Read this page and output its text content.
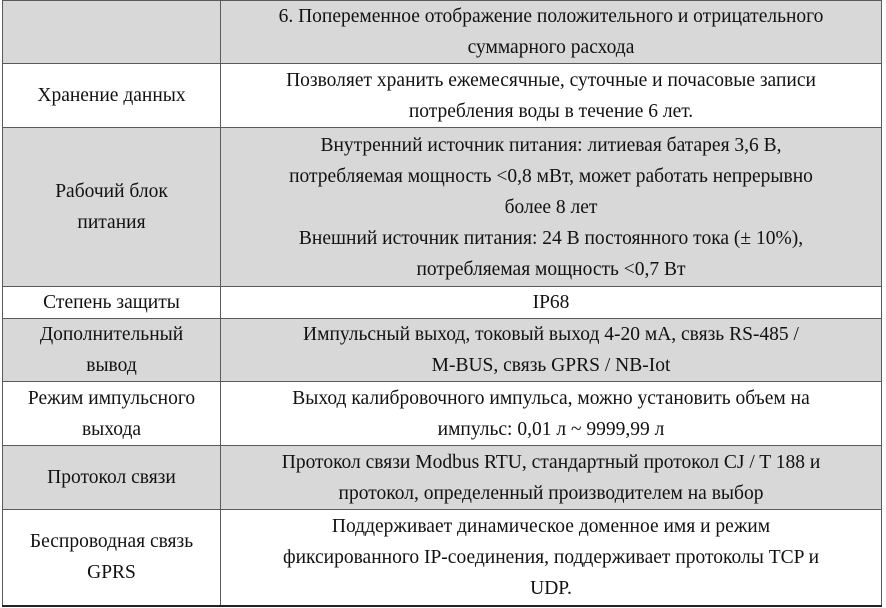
	6. Попеременное отображение положительного и отрицательного
суммарного расхода

Хранение данных	Позволяет хранить ежемесячные, суточные и почасовые записи
потребления воды в течение 6 лет.

Рабочий блок
питания	Внутренний источник питания: литиевая батарея 3,6 В,
потребляемая мощность <0,8 мВт, может работать непрерывно
более 8 лет
Внешний источник питания: 24 В постоянного тока (± 10%),
потребляемая мощность <0,7 Вт

Степень защиты	IP68

Дополнительный
вывод	Импульсный выход, токовый выход 4-20 мА, связь RS-485 /
M-BUS, связь GPRS / NB-Iot

Режим импульсного
выхода	Выход калибровочного импульса, можно установить объем на
импульс: 0,01 л ~ 9999,99 л

Протокол связи	Протокол связи Modbus RTU, стандартный протокол CJ / T 188 и
протокол, определенный производителем на выбор

Беспроводная связь
GPRS	Поддерживает динамическое доменное имя и режим
фиксированного IP-соединения, поддерживает протоколы TCP и
UDP.
